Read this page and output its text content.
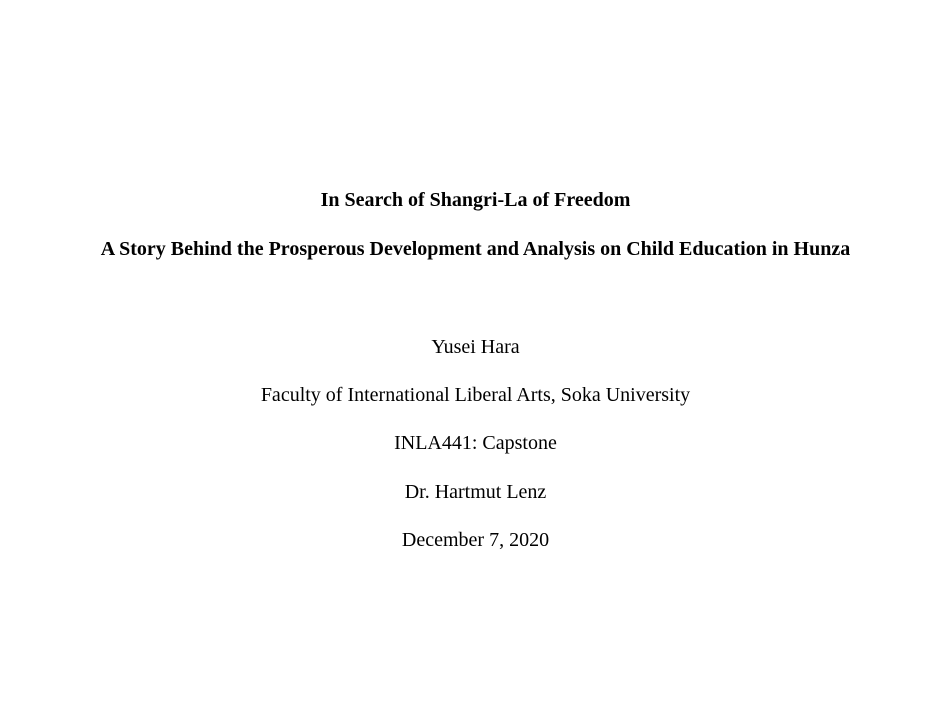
In Search of Shangri-La of Freedom
A Story Behind the Prosperous Development and Analysis on Child Education in Hunza
Yusei Hara
Faculty of International Liberal Arts, Soka University
INLA441: Capstone
Dr. Hartmut Lenz
December 7, 2020
